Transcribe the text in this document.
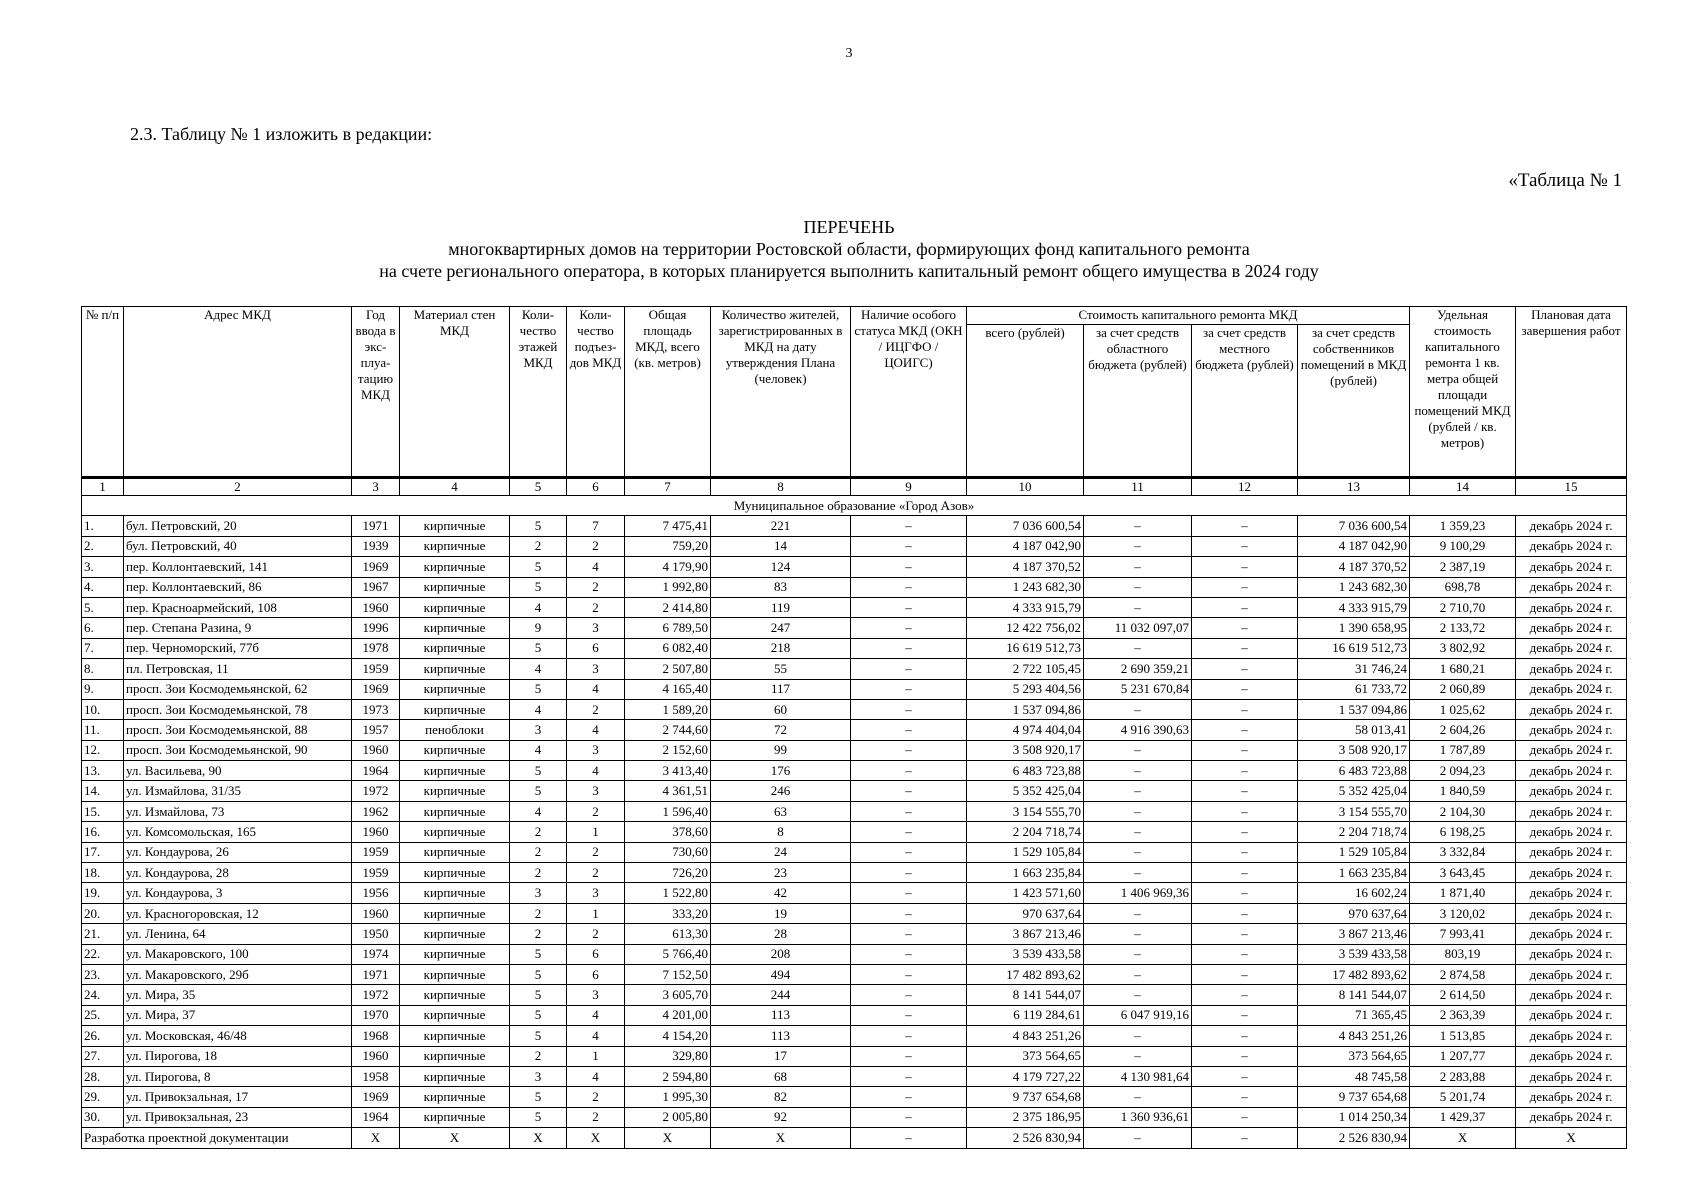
3
2.3. Таблицу № 1 изложить в редакции:
«Таблица № 1
ПЕРЕЧЕНЬ
многоквартирных домов на территории Ростовской области, формирующих фонд капитального ремонта
на счете регионального оператора, в которых планируется выполнить капитальный ремонт общего имущества в 2024 году
№ п/п	Адрес МКД	Год ввода в экс-плуа-тацию МКД	Материал стен МКД	Коли-чество этажей МКД	Коли-чество подъез-дов МКД	Общая площадь МКД, всего (кв. метров)	Количество жителей, зарегистрированных в МКД на дату утверждения Плана (человек)	Наличие особого статуса МКД (ОКН / ИЦГФО / ЦОИГС)	Стоимость капитального ремонта МКД				Удельная стоимость капитального ремонта 1 кв. метра общей площади помещений МКД (рублей / кв. метров)	Плановая дата завершения работ
									всего (рублей)	за счет средств областного бюджета (рублей)	за счет средств местного бюджета (рублей)	за счет средств собственников помещений в МКД (рублей)		
1	2	3	4	5	6	7	8	9	10	11	12	13	14	15
Муниципальное образование «Город Азов»														
1.	бул. Петровский, 20	1971	кирпичные	5	7	7 475,41	221	–	7 036 600,54	–	–	7 036 600,54	1 359,23	декабрь 2024 г.
2.	бул. Петровский, 40	1939	кирпичные	2	2	759,20	14	–	4 187 042,90	–	–	4 187 042,90	9 100,29	декабрь 2024 г.
3.	пер. Коллонтаевский, 141	1969	кирпичные	5	4	4 179,90	124	–	4 187 370,52	–	–	4 187 370,52	2 387,19	декабрь 2024 г.
4.	пер. Коллонтаевский, 86	1967	кирпичные	5	2	1 992,80	83	–	1 243 682,30	–	–	1 243 682,30	698,78	декабрь 2024 г.
5.	пер. Красноармейский, 108	1960	кирпичные	4	2	2 414,80	119	–	4 333 915,79	–	–	4 333 915,79	2 710,70	декабрь 2024 г.
6.	пер. Степана Разина, 9	1996	кирпичные	9	3	6 789,50	247	–	12 422 756,02	11 032 097,07	–	1 390 658,95	2 133,72	декабрь 2024 г.
7.	пер. Черноморский, 77б	1978	кирпичные	5	6	6 082,40	218	–	16 619 512,73	–	–	16 619 512,73	3 802,92	декабрь 2024 г.
8.	пл. Петровская, 11	1959	кирпичные	4	3	2 507,80	55	–	2 722 105,45	2 690 359,21	–	31 746,24	1 680,21	декабрь 2024 г.
9.	просп. Зои Космодемьянской, 62	1969	кирпичные	5	4	4 165,40	117	–	5 293 404,56	5 231 670,84	–	61 733,72	2 060,89	декабрь 2024 г.
10.	просп. Зои Космодемьянской, 78	1973	кирпичные	4	2	1 589,20	60	–	1 537 094,86	–	–	1 537 094,86	1 025,62	декабрь 2024 г.
11.	просп. Зои Космодемьянской, 88	1957	пеноблоки	3	4	2 744,60	72	–	4 974 404,04	4 916 390,63	–	58 013,41	2 604,26	декабрь 2024 г.
12.	просп. Зои Космодемьянской, 90	1960	кирпичные	4	3	2 152,60	99	–	3 508 920,17	–	–	3 508 920,17	1 787,89	декабрь 2024 г.
13.	ул. Васильева, 90	1964	кирпичные	5	4	3 413,40	176	–	6 483 723,88	–	–	6 483 723,88	2 094,23	декабрь 2024 г.
14.	ул. Измайлова, 31/35	1972	кирпичные	5	3	4 361,51	246	–	5 352 425,04	–	–	5 352 425,04	1 840,59	декабрь 2024 г.
15.	ул. Измайлова, 73	1962	кирпичные	4	2	1 596,40	63	–	3 154 555,70	–	–	3 154 555,70	2 104,30	декабрь 2024 г.
16.	ул. Комсомольская, 165	1960	кирпичные	2	1	378,60	8	–	2 204 718,74	–	–	2 204 718,74	6 198,25	декабрь 2024 г.
17.	ул. Кондаурова, 26	1959	кирпичные	2	2	730,60	24	–	1 529 105,84	–	–	1 529 105,84	3 332,84	декабрь 2024 г.
18.	ул. Кондаурова, 28	1959	кирпичные	2	2	726,20	23	–	1 663 235,84	–	–	1 663 235,84	3 643,45	декабрь 2024 г.
19.	ул. Кондаурова, 3	1956	кирпичные	3	3	1 522,80	42	–	1 423 571,60	1 406 969,36	–	16 602,24	1 871,40	декабрь 2024 г.
20.	ул. Красногоровская, 12	1960	кирпичные	2	1	333,20	19	–	970 637,64	–	–	970 637,64	3 120,02	декабрь 2024 г.
21.	ул. Ленина, 64	1950	кирпичные	2	2	613,30	28	–	3 867 213,46	–	–	3 867 213,46	7 993,41	декабрь 2024 г.
22.	ул. Макаровского, 100	1974	кирпичные	5	6	5 766,40	208	–	3 539 433,58	–	–	3 539 433,58	803,19	декабрь 2024 г.
23.	ул. Макаровского, 29б	1971	кирпичные	5	6	7 152,50	494	–	17 482 893,62	–	–	17 482 893,62	2 874,58	декабрь 2024 г.
24.	ул. Мира, 35	1972	кирпичные	5	3	3 605,70	244	–	8 141 544,07	–	–	8 141 544,07	2 614,50	декабрь 2024 г.
25.	ул. Мира, 37	1970	кирпичные	5	4	4 201,00	113	–	6 119 284,61	6 047 919,16	–	71 365,45	2 363,39	декабрь 2024 г.
26.	ул. Московская, 46/48	1968	кирпичные	5	4	4 154,20	113	–	4 843 251,26	–	–	4 843 251,26	1 513,85	декабрь 2024 г.
27.	ул. Пирогова, 18	1960	кирпичные	2	1	329,80	17	–	373 564,65	–	–	373 564,65	1 207,77	декабрь 2024 г.
28.	ул. Пирогова, 8	1958	кирпичные	3	4	2 594,80	68	–	4 179 727,22	4 130 981,64	–	48 745,58	2 283,88	декабрь 2024 г.
29.	ул. Привокзальная, 17	1969	кирпичные	5	2	1 995,30	82	–	9 737 654,68	–	–	9 737 654,68	5 201,74	декабрь 2024 г.
30.	ул. Привокзальная, 23	1964	кирпичные	5	2	2 005,80	92	–	2 375 186,95	1 360 936,61	–	1 014 250,34	1 429,37	декабрь 2024 г.
Разработка проектной документации		X	X	X	X	X	X	–	2 526 830,94	–	–	2 526 830,94	X	X
